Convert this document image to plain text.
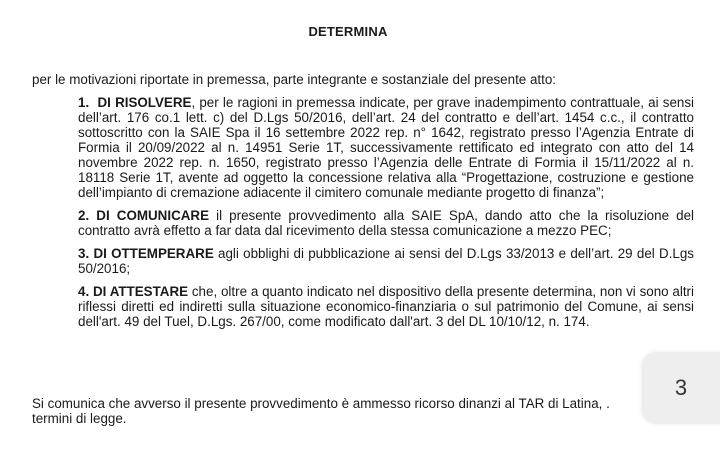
DETERMINA
per le motivazioni riportate in premessa, parte integrante e sostanziale del presente atto:
1. DI RISOLVERE, per le ragioni in premessa indicate, per grave inadempimento contrattuale, ai sensi dell’art. 176 co.1 lett. c) del D.Lgs 50/2016, dell’art. 24 del contratto e dell’art. 1454 c.c., il contratto sottoscritto con la SAIE Spa il 16 settembre 2022 rep. n° 1642, registrato presso l’Agenzia Entrate di Formia il 20/09/2022 al n. 14951 Serie 1T, successivamente rettificato ed integrato con atto del 14 novembre 2022 rep. n. 1650, registrato presso l’Agenzia delle Entrate di Formia il 15/11/2022 al n. 18118 Serie 1T, avente ad oggetto la concessione relativa alla “Progettazione, costruzione e gestione dell’impianto di cremazione adiacente il cimitero comunale mediante progetto di finanza”;
2. DI COMUNICARE il presente provvedimento alla SAIE SpA, dando atto che la risoluzione del contratto avrà effetto a far data dal ricevimento della stessa comunicazione a mezzo PEC;
3. DI OTTEMPERARE agli obblighi di pubblicazione ai sensi del D.Lgs 33/2013 e dell’art. 29 del D.Lgs 50/2016;
4. DI ATTESTARE che, oltre a quanto indicato nel dispositivo della presente determina, non vi sono altri riflessi diretti ed indiretti sulla situazione economico-finanziaria o sul patrimonio del Comune, ai sensi dell'art. 49 del Tuel, D.Lgs. 267/00, come modificato dall'art. 3 del DL 10/10/12, n. 174.
Si comunica che avverso il presente provvedimento è ammesso ricorso dinanzi al TAR di Latina, . termini di legge.
3
